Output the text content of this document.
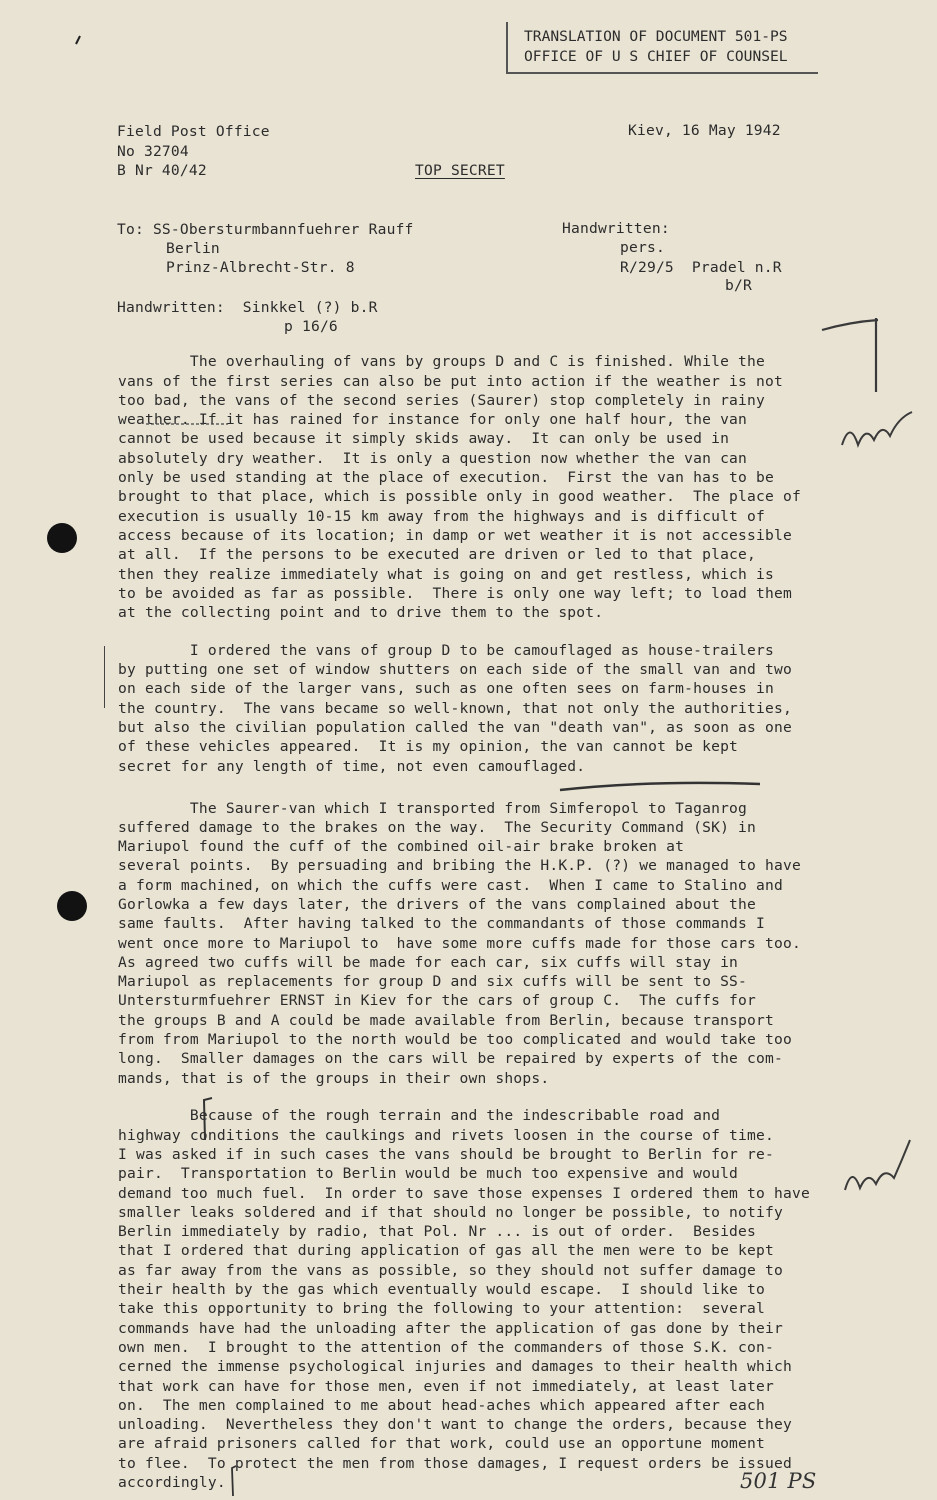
TRANSLATION OF DOCUMENT 501-PS
OFFICE OF U S CHIEF OF COUNSEL
Field Post Office
No 32704
B Nr 40/42
Kiev, 16 May 1942
TOP SECRET
To: SS-Obersturmbannfuehrer Rauff
Berlin
Prinz-Albrecht-Str. 8
Handwritten:
pers.
R/29/5  Pradel n.R
b/R
Handwritten:  Sinkkel (?) b.R
p 16/6
The overhauling of vans by groups D and C is finished. While the
vans of the first series can also be put into action if the weather is not
too bad, the vans of the second series (Saurer) stop completely in rainy
weather. If it has rained for instance for only one half hour, the van
cannot be used because it simply skids away.  It can only be used in
absolutely dry weather.  It is only a question now whether the van can
only be used standing at the place of execution.  First the van has to be
brought to that place, which is possible only in good weather.  The place of
execution is usually 10-15 km away from the highways and is difficult of
access because of its location; in damp or wet weather it is not accessible
at all.  If the persons to be executed are driven or led to that place,
then they realize immediately what is going on and get restless, which is
to be avoided as far as possible.  There is only one way left; to load them
at the collecting point and to drive them to the spot.
I ordered the vans of group D to be camouflaged as house-trailers
by putting one set of window shutters on each side of the small van and two
on each side of the larger vans, such as one often sees on farm-houses in
the country.  The vans became so well-known, that not only the authorities,
but also the civilian population called the van "death van", as soon as one
of these vehicles appeared.  It is my opinion, the van cannot be kept
secret for any length of time, not even camouflaged.
The Saurer-van which I transported from Simferopol to Taganrog
suffered damage to the brakes on the way.  The Security Command (SK) in
Mariupol found the cuff of the combined oil-air brake broken at
several points.  By persuading and bribing the H.K.P. (?) we managed to have
a form machined, on which the cuffs were cast.  When I came to Stalino and
Gorlowka a few days later, the drivers of the vans complained about the
same faults.  After having talked to the commandants of those commands I
went once more to Mariupol to  have some more cuffs made for those cars too.
As agreed two cuffs will be made for each car, six cuffs will stay in
Mariupol as replacements for group D and six cuffs will be sent to SS-
Untersturmfuehrer ERNST in Kiev for the cars of group C.  The cuffs for
the groups B and A could be made available from Berlin, because transport
from from Mariupol to the north would be too complicated and would take too
long.  Smaller damages on the cars will be repaired by experts of the com-
mands, that is of the groups in their own shops.
Because of the rough terrain and the indescribable road and
highway conditions the caulkings and rivets loosen in the course of time.
I was asked if in such cases the vans should be brought to Berlin for re-
pair.  Transportation to Berlin would be much too expensive and would
demand too much fuel.  In order to save those expenses I ordered them to have
smaller leaks soldered and if that should no longer be possible, to notify
Berlin immediately by radio, that Pol. Nr ... is out of order.  Besides
that I ordered that during application of gas all the men were to be kept
as far away from the vans as possible, so they should not suffer damage to
their health by the gas which eventually would escape.  I should like to
take this opportunity to bring the following to your attention:  several
commands have had the unloading after the application of gas done by their
own men.  I brought to the attention of the commanders of those S.K. con-
cerned the immense psychological injuries and damages to their health which
that work can have for those men, even if not immediately, at least later
on.  The men complained to me about head-aches which appeared after each
unloading.  Nevertheless they don't want to change the orders, because they
are afraid prisoners called for that work, could use an opportune moment
to flee.  To protect the men from those damages, I request orders be issued
accordingly.	501 PS
